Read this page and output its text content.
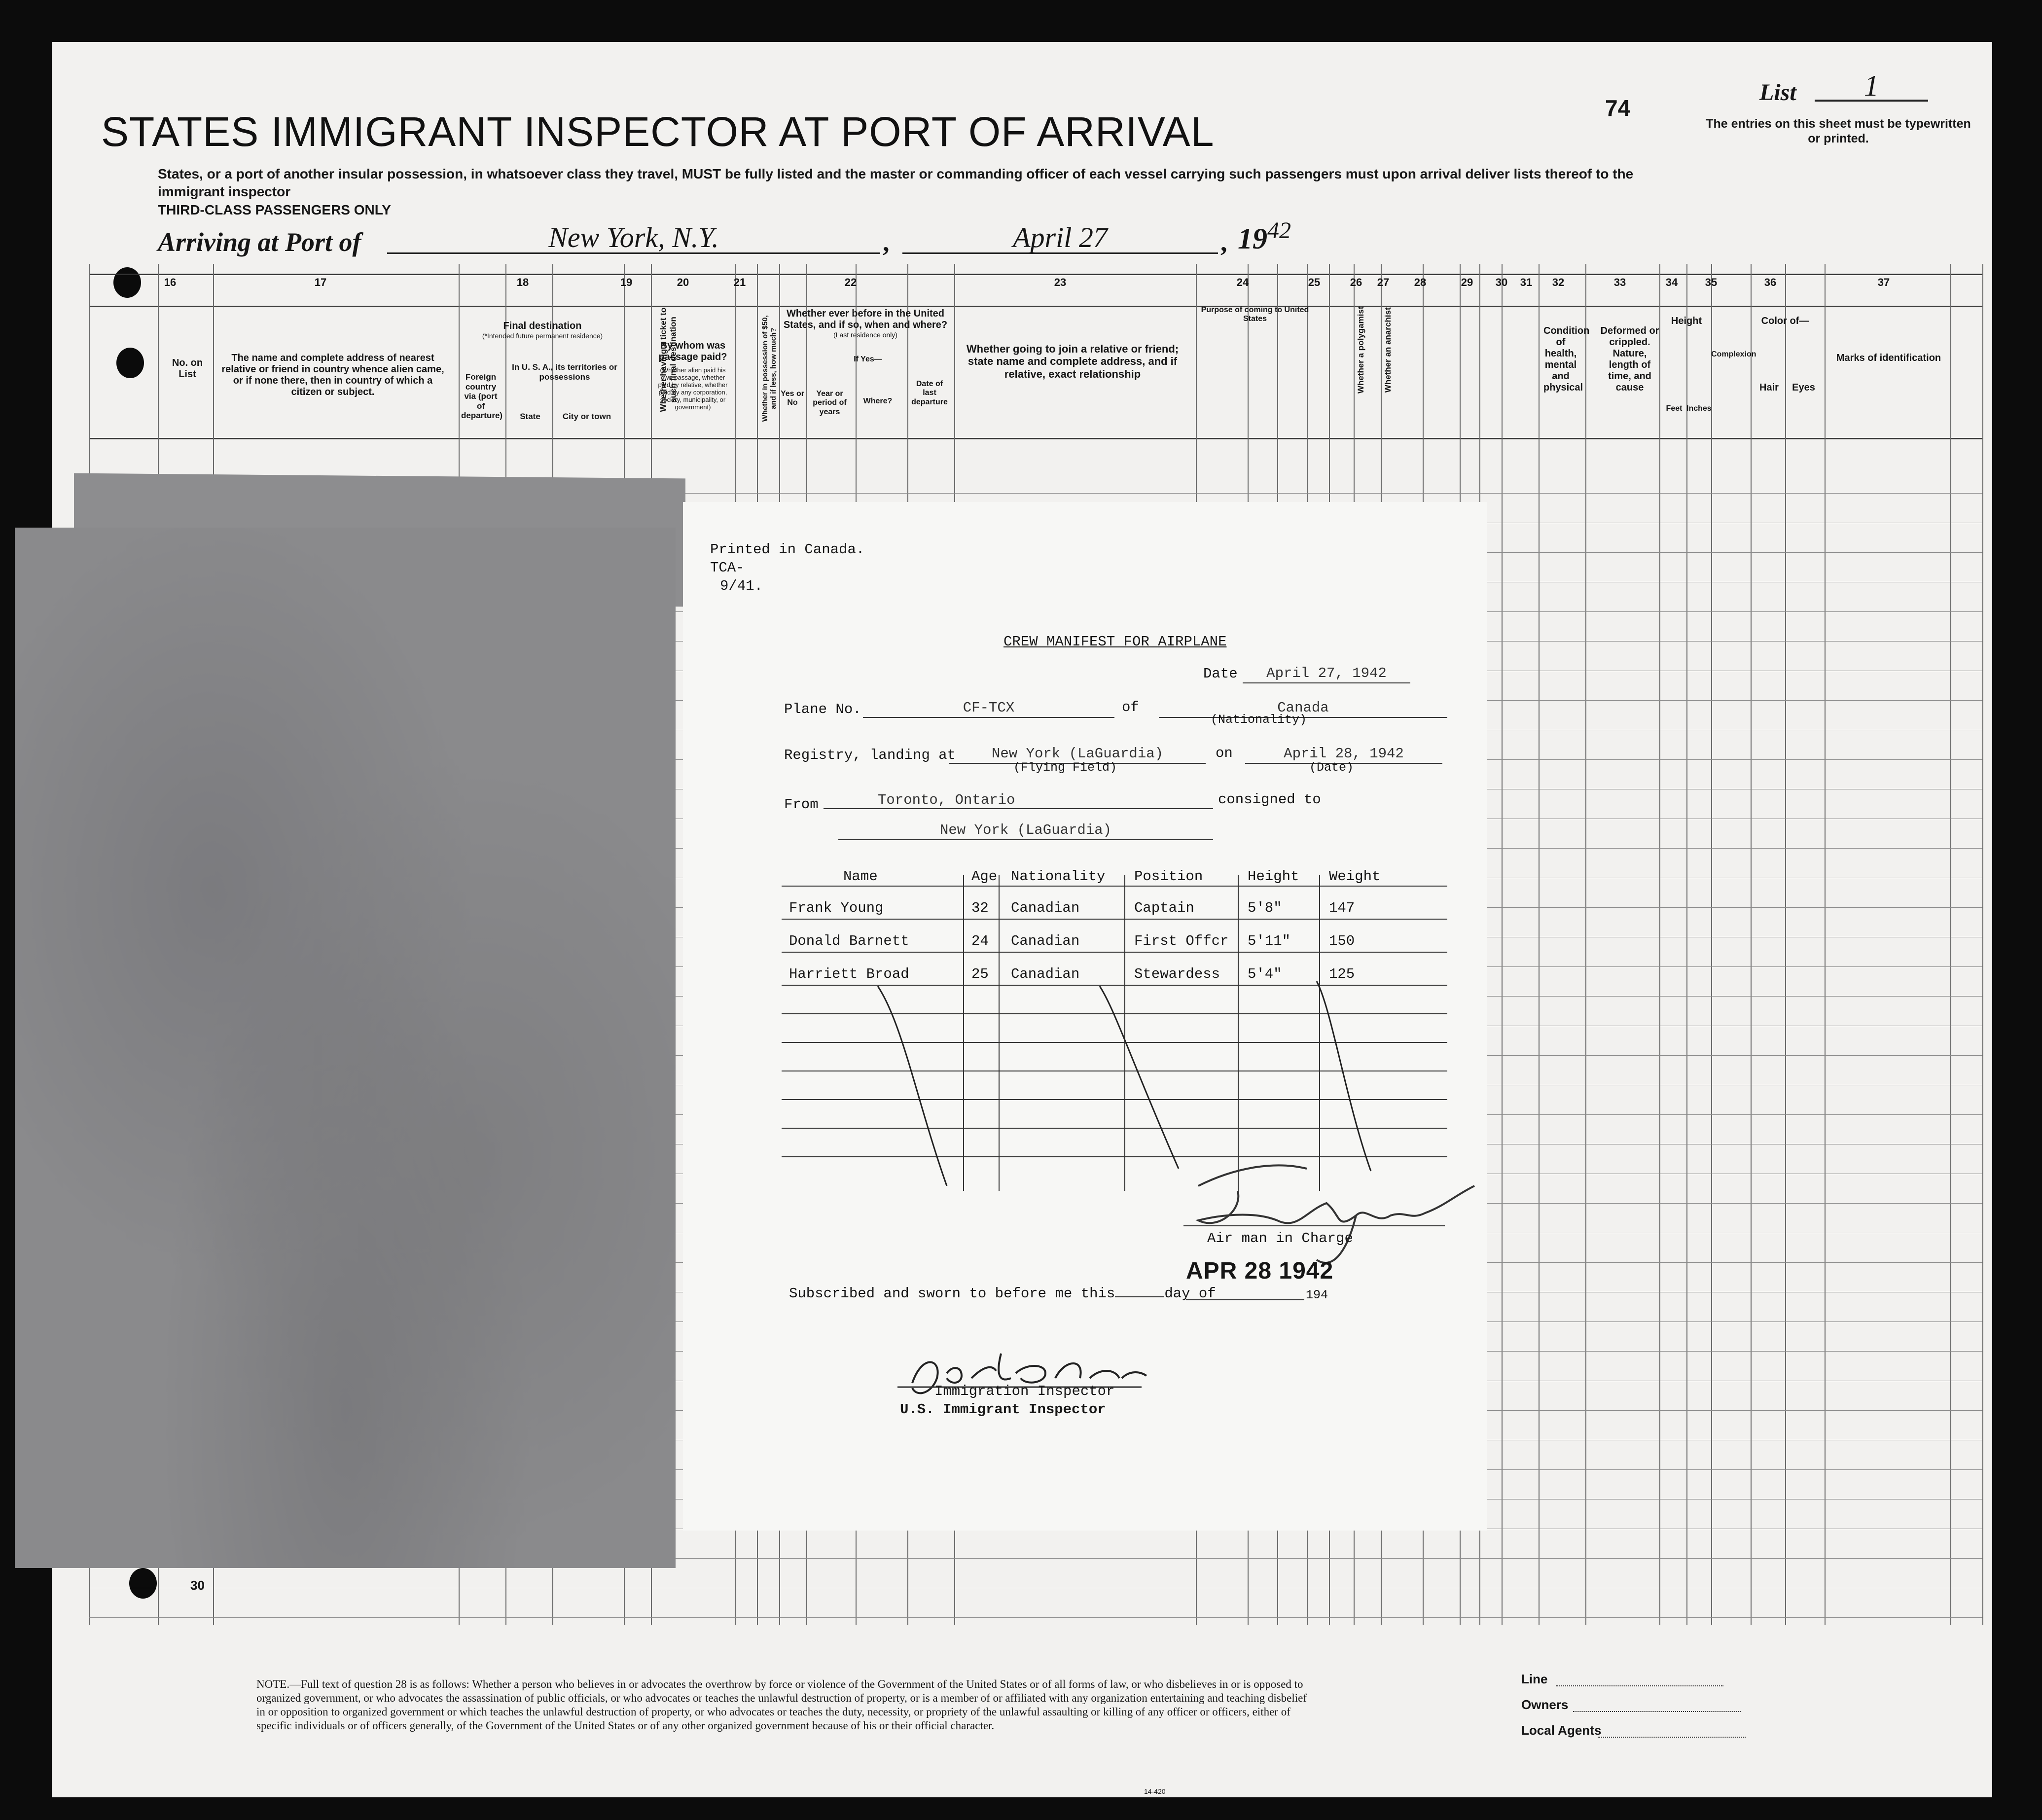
STATES IMMIGRANT INSPECTOR AT PORT OF ARRIVAL
74
List	1
The entries on this sheet must be typewritten or printed.
States, or a port of another insular possession, in whatsoever class they travel, MUST be fully listed and the master or commanding officer of each vessel carrying such passengers must upon arrival deliver lists thereof to the immigrant inspector
THIRD-CLASS PASSENGERS ONLY
Arriving at Port of	New York, N.Y.	,	April 27	, $19^{42}$
16	17	18	19	20	21	22	23	24	25	26	27	28	29	30	31	32	33	34	35	36	37
No. on List
The name and complete address of nearest relative or friend in country whence alien came, or if none there, then in country of which a citizen or subject.
Final destination
(*Intended future permanent residence)
Foreign country via (port of departure)
In U. S. A., its territories or possessions
State	City or town
By whom was passage paid?
(Whether alien paid his own passage, whether paid by relative, whether paid by any corporation, society, municipality, or government)
Whether ever before in the United States, and if so, when and where?
(Last residence only)
Yes or No
If Yes—
Year or period of years
Where?
Date of last departure
Whether going to join a relative or friend; state name and complete address, and if relative, exact relationship
Purpose of coming to United States
Condition of health, mental and physical
Deformed or crippled. Nature, length of time, and cause
Height
Feet Inches
Complexion
Color of—
Hair	Eyes
Marks of identification
Whether having a ticket to such final destination	Whether in possession of $50, and if less, how much?	Whether a polygamist Whether an anarchist
30
NOTE.—Full text of question 28 is as follows: Whether a person who believes in or advocates the overthrow by force or violence of the Government of the United States or of all forms of law, or who disbelieves in or is opposed to organized government, or who advocates the assassination of public officials, or who advocates or teaches the unlawful destruction of property, or is a member of or affiliated with any organization entertaining and teaching disbelief in or opposition to organized government or which teaches the unlawful destruction of property, or who advocates or teaches the duty, necessity, or propriety of the unlawful assaulting or killing of any officer or officers, either of specific individuals or of officers generally, of the Government of the United States or of any other organized government because of his or their official character.
14-420
Line
Owners
Local Agents
Printed in Canada.
TCA-
9/41.
CREW MANIFEST FOR AIRPLANE
Date	April 27, 1942
Plane No.	CF-TCX	of	Canada
(Nationality)
Registry, landing at	New York (LaGuardia)
(Flying Field)
on	April 28, 1942
(Date)
From	Toronto, Ontario	consigned to
New York (LaGuardia)
Name	Age Nationality Position	Height Weight
Frank Young	32 Canadian	Captain	5'8"	147
Donald Barnett	24 Canadian	First Offcr 5'11"	150
Harriett Broad	25 Canadian	Stewardess 5'4"	125
Air man in Charge
Subscribed and sworn to before me this	day of
APR 28 1942
194
Immigration Inspector
U.S. Immigrant Inspector
